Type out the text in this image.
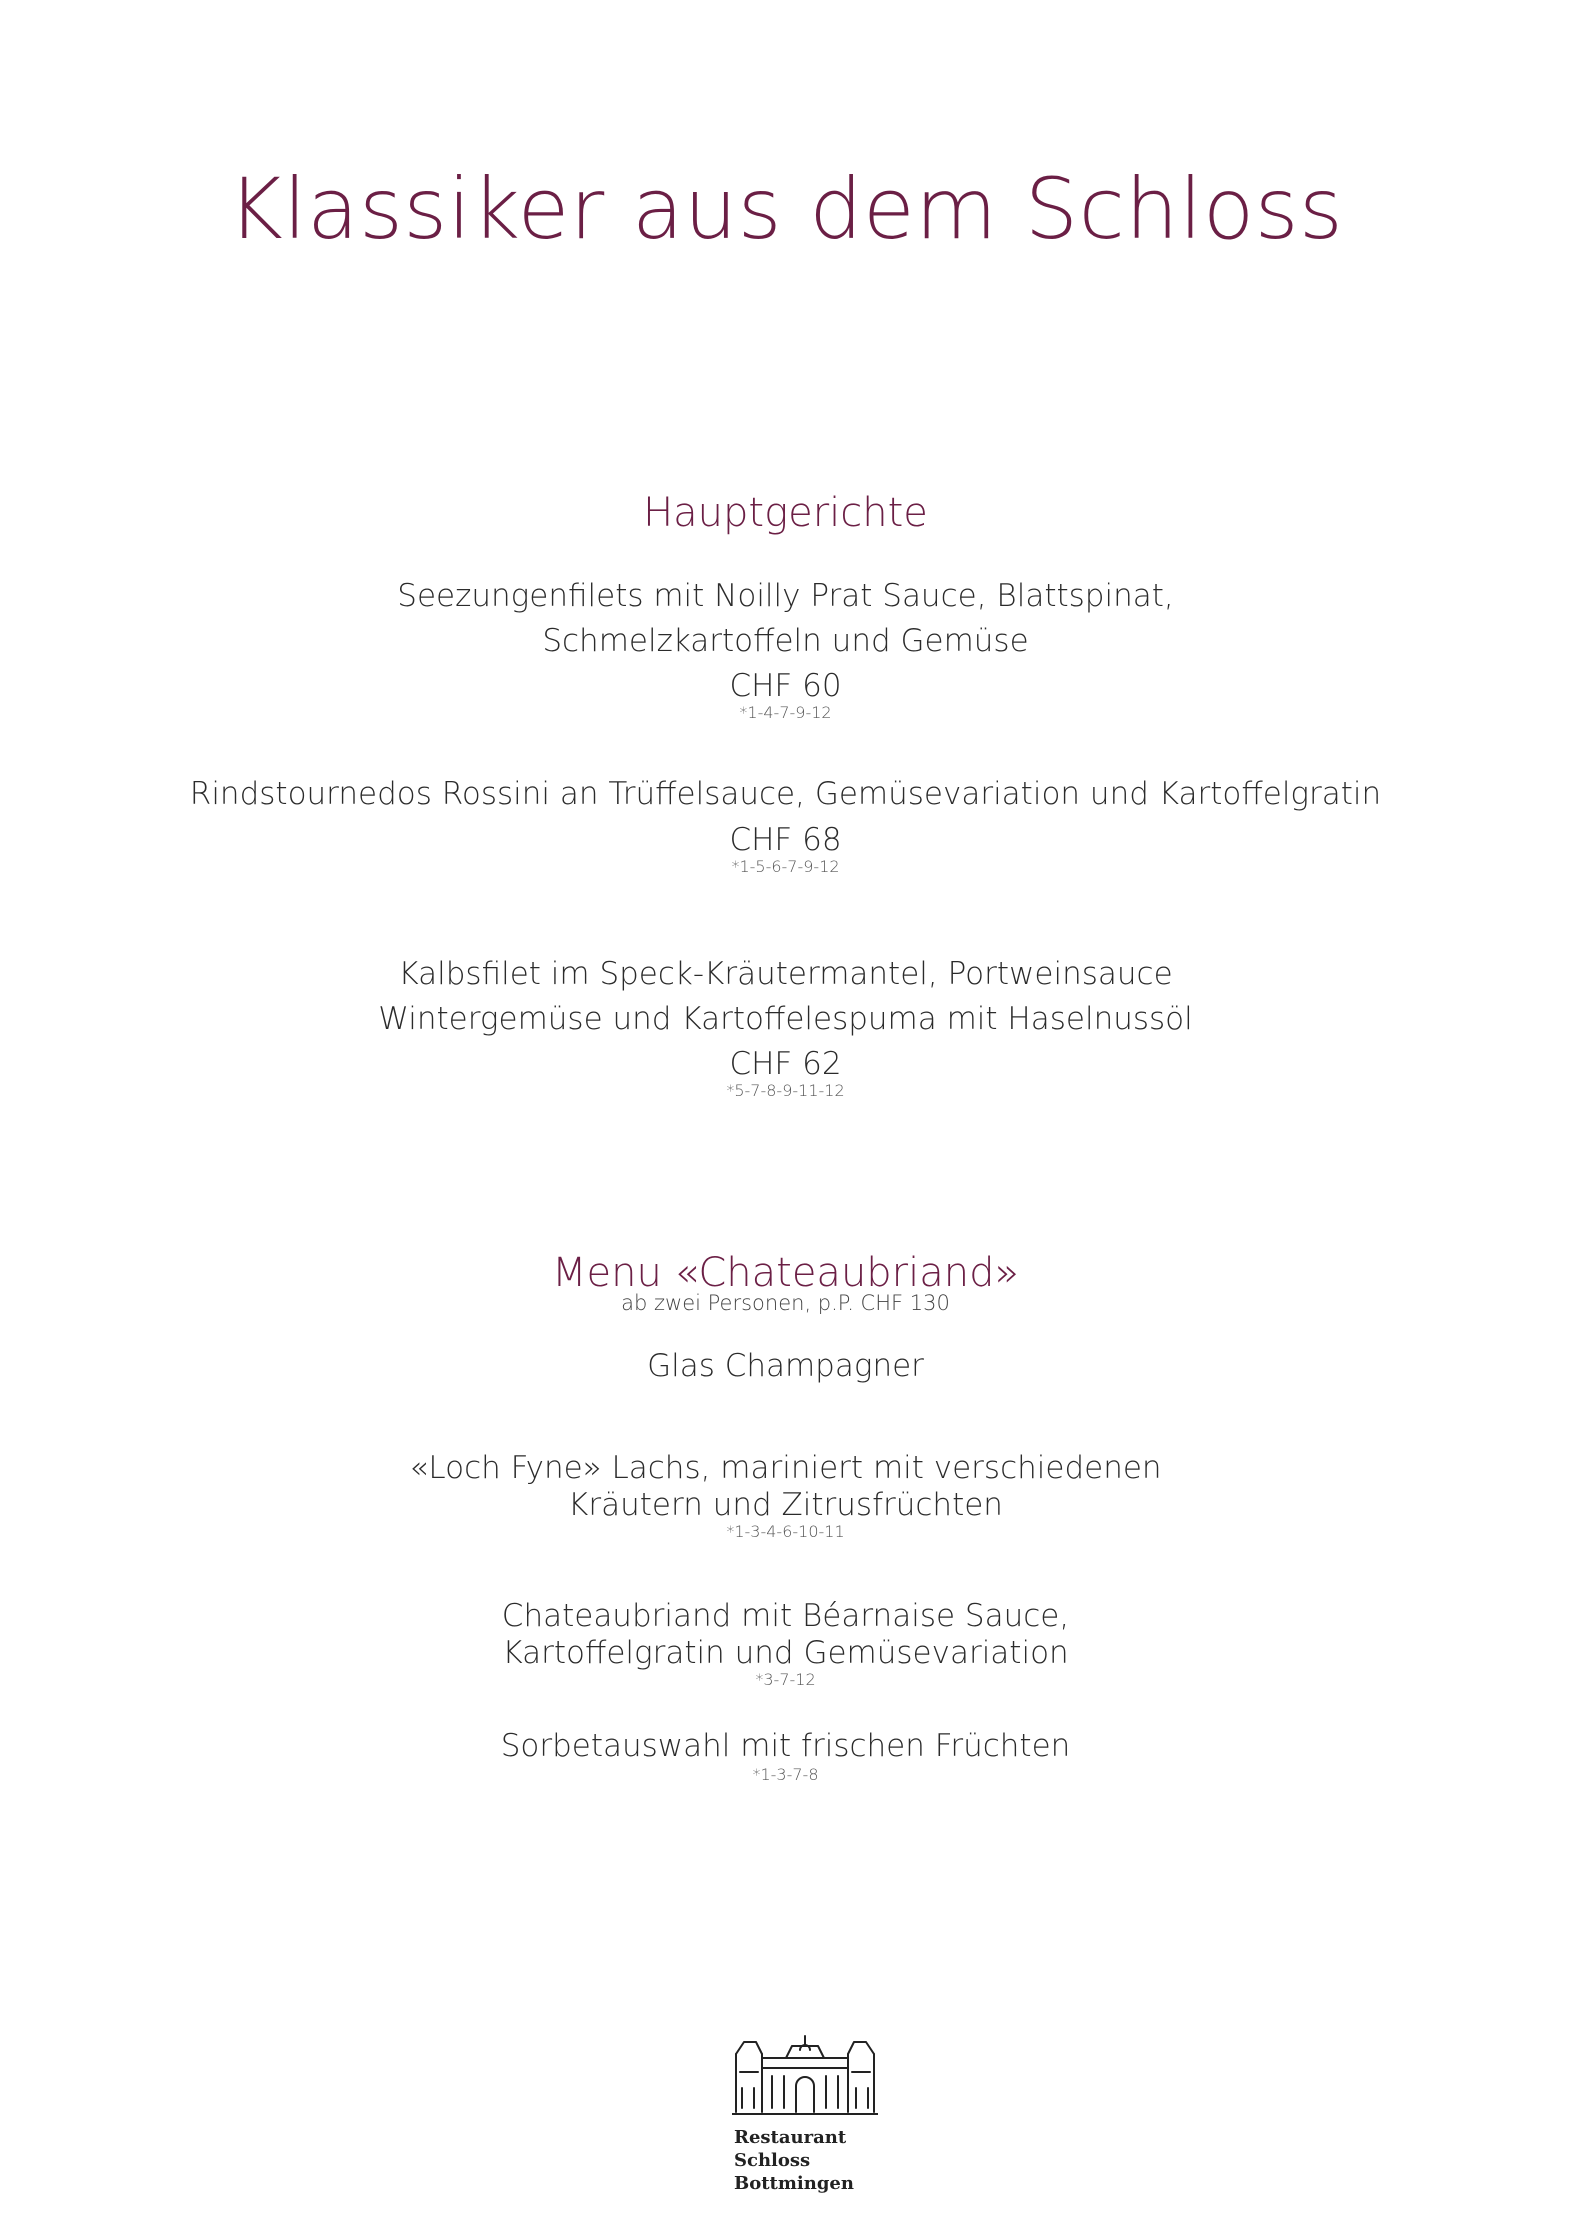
Klassiker aus dem Schloss
Hauptgerichte
Seezungenfilets mit Noilly Prat Sauce, Blattspinat,
Schmelzkartoffeln und Gemüse
CHF 60
*1-4-7-9-12
Rindstournedos Rossini an Trüffelsauce, Gemüsevariation und Kartoffelgratin
CHF 68
*1-5-6-7-9-12
Kalbsfilet im Speck-Kräutermantel, Portweinsauce
Wintergemüse und Kartoffelespuma mit Haselnussöl
CHF 62
*5-7-8-9-11-12
Menu «Chateaubriand»
ab zwei Personen, p.P. CHF 130
Glas Champagner
«Loch Fyne» Lachs, mariniert mit verschiedenen
Kräutern und Zitrusfrüchten
*1-3-4-6-10-11
Chateaubriand mit Béarnaise Sauce,
Kartoffelgratin und Gemüsevariation
*3-7-12
Sorbetauswahl mit frischen Früchten
*1-3-7-8
Restaurant
Schloss
Bottmingen
